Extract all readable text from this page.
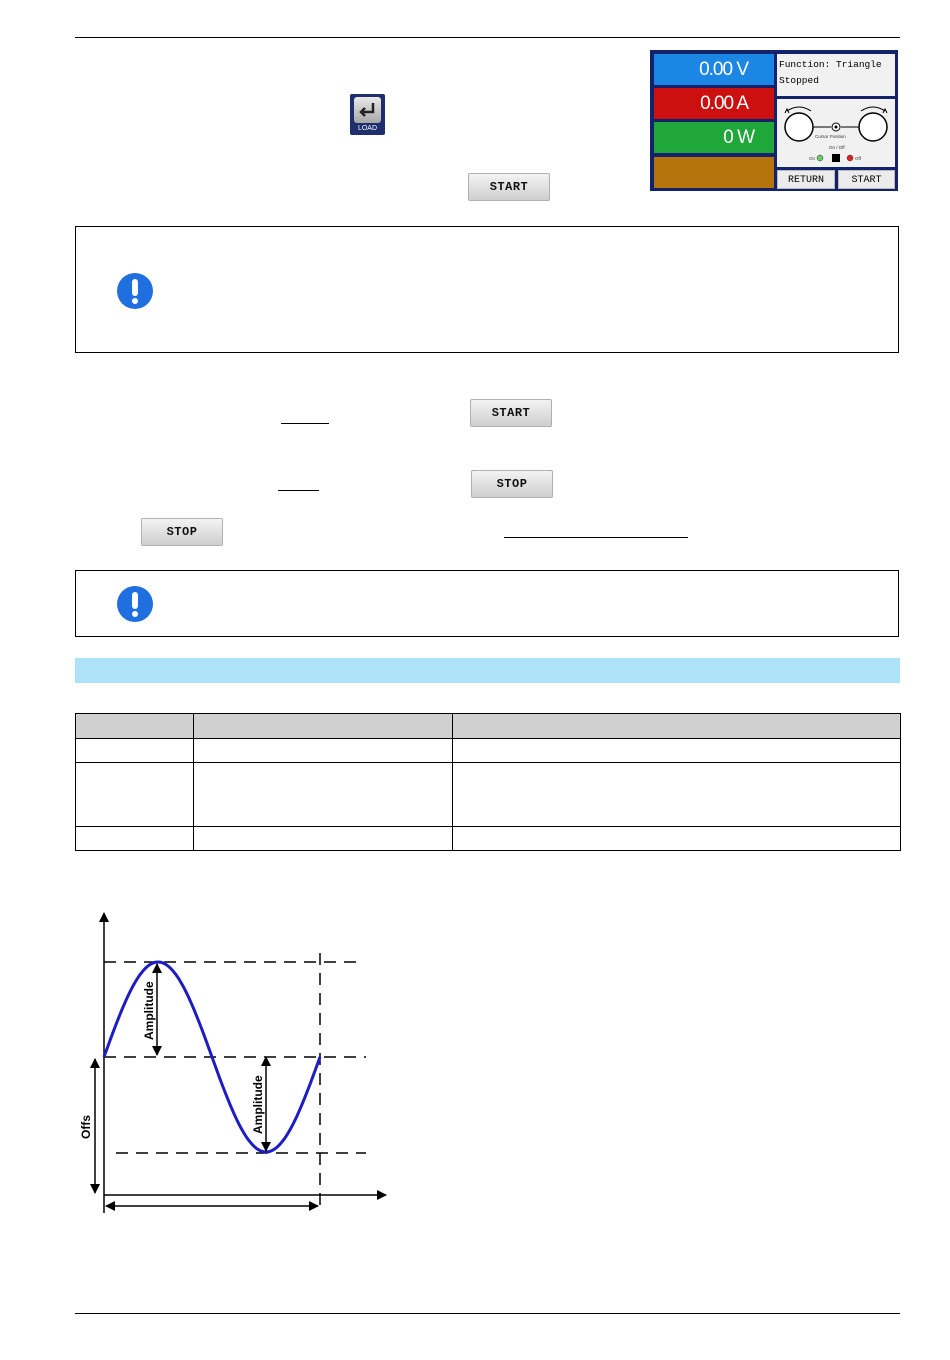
LOAD
START
0.00 V
0.00 A
0 W
Function: Triangle
Stopped
Cursor Position
On / Off
On	Off
RETURN	START
START
STOP
STOP

Amplitude
Amplitude
Offs
